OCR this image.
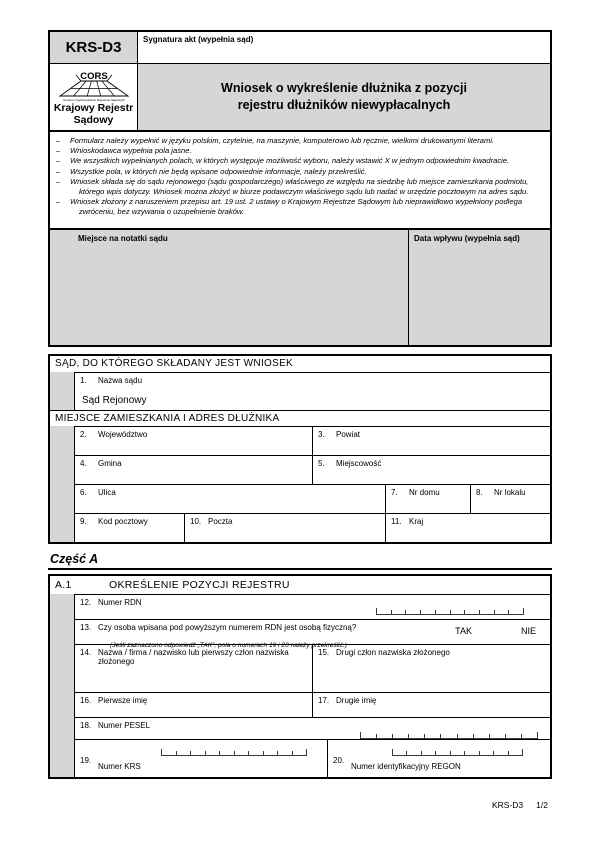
KRS-D3	Sygnatura akt (wypełnia sąd)
CORS
Centrum Ogólnopolskich Rejestrów Sądowych
Krajowy Rejestr
Sądowy
Wniosek o wykreślenie dłużnika z pozycji
rejestru dłużników niewypłacalnych
–	Formularz należy wypełnić w języku polskim, czytelnie, na maszynie, komputerowo lub ręcznie, wielkimi drukowanymi literami.
–	Wnioskodawca wypełnia pola jasne.
–	We wszystkich wypełnianych polach, w których występuje możliwość wyboru, należy wstawić X w jednym odpowiednim kwadracie.
–	Wszystkie pola, w których nie będą wpisane odpowiednie informacje, należy przekreślić.
–	Wniosek składa się do sądu rejonowego (sądu gospodarczego) właściwego ze względu na siedzibę lub miejsce zamieszkania podmiotu, którego wpis dotyczy. Wniosek można złożyć w biurze podawczym właściwego sądu lub nadać w urzędzie pocztowym na adres sądu.
–	Wniosek złożony z naruszeniem przepisu art. 19 ust. 2 ustawy o Krajowym Rejestrze Sądowym lub nieprawidłowo wypełniony podlega zwróceniu, bez wzywania o uzupełnienie braków.
Miejsce na notatki sądu	Data wpływu (wypełnia sąd)
SĄD, DO KTÓREGO SKŁADANY JEST WNIOSEK
1. Nazwa sądu
Sąd Rejonowy
MIEJSCE ZAMIESZKANIA I ADRES DŁUŻNIKA
2. Województwo	3. Powiat
4. Gmina	5. Miejscowość
6. Ulica	7. Nr domu	8. Nr lokalu
9. Kod pocztowy	10. Poczta	11. Kraj
Część A
A.1	OKREŚLENIE POZYCJI REJESTRU
12. Numer RDN
13. Czy osoba wpisana pod powyższym numerem RDN jest osobą fizyczną?
(Jeśli zaznaczono odpowiedź „TAK”, pola o numerach 19 i 20 należy przekreślić.)
TAK	NIE
14. Nazwa / firma / nazwisko lub pierwszy człon nazwiska złożonego
15. Drugi człon nazwiska złożonego
16. Pierwsze imię	17. Drugie imię
18. Numer PESEL
19.Numer KRS
20.Numer identyfikacyjny REGON
KRS-D3 1/2
